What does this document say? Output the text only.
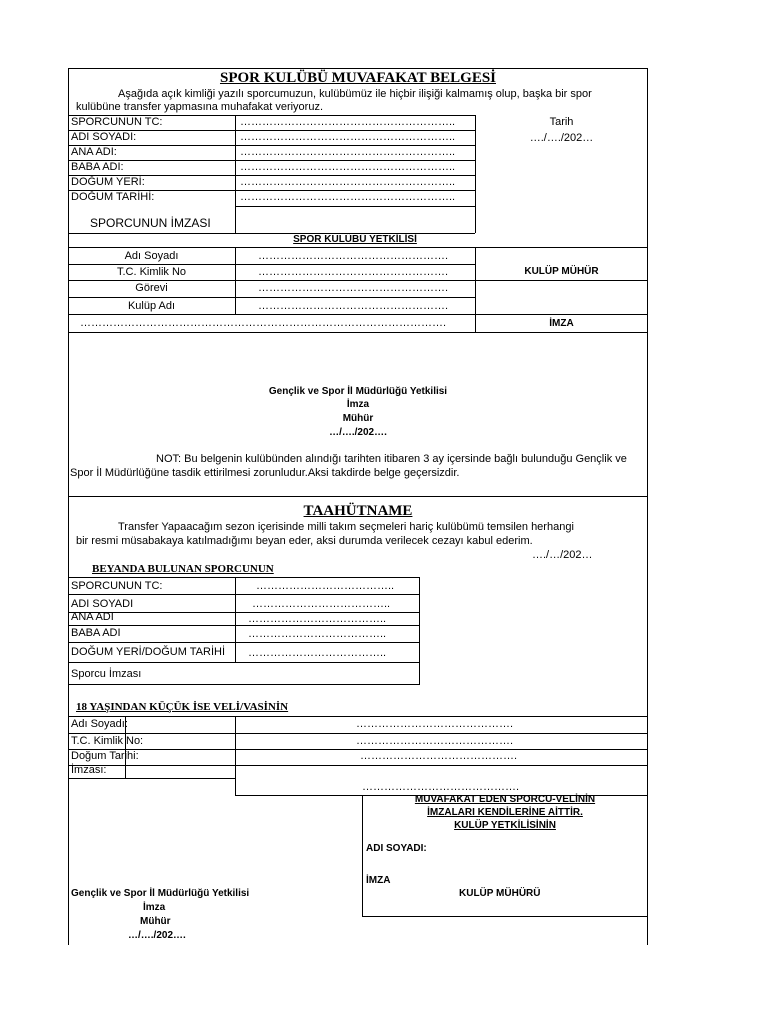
SPOR KULÜBÜ MUVAFAKAT BELGESİ
Aşağıda açık kimliği yazılı sporcumuzun, kulübümüz ile hiçbir ilişiği kalmamış olup, başka bir spor
kulübüne transfer yapmasına muhafakat veriyoruz.
SPORCUNUN TC:	…………………………………………………..
ADI SOYADI:	…………………………………………………..
ANA ADI:	…………………………………………………..
BABA ADI:	…………………………………………………..
DOĞUM YERİ:	…………………………………………………..
DOĞUM TARİHİ:	…………………………………………………..
Tarih
…./…./202…
SPORCUNUN İMZASI
SPOR KULÜBÜ YETKİLİSİ
Adı Soyadı	…………………………………………….
T.C. Kimlik No	…………………………………………….
Görevi	…………………………………………….
Kulüp Adı	…………………………………………….
……………………………………………………………………………………….
KULÜP MÜHÜR
İMZA
Gençlik ve Spor İl Müdürlüğü Yetkilisi
İmza
Mühür
…/…./202….
NOT: Bu belgenin kulübünden alındığı tarihten itibaren 3 ay içersinde bağlı bulunduğu Gençlik ve
Spor İl Müdürlüğüne tasdik ettirilmesi zorunludur.Aksi takdirde belge geçersizdir.
TAAHÜTNAME
Transfer Yapaacağım sezon içerisinde milli takım seçmeleri hariç kulübümü temsilen herhangi
bir resmi müsabakaya katılmadığımı beyan eder, aksi durumda verilecek cezayı kabul ederim.
…./…/202…
BEYANDA BULUNAN SPORCUNUN
SPORCUNUN TC:	………………………………..
ADI SOYADI	………………………………..
ANA ADI	………………………………..
BABA ADI	………………………………..
DOĞUM YERİ/DOĞUM TARİHİ ………………………………..
Sporcu İmzası
18 YAŞINDAN KÜÇÜK İSE VELİ/VASİNİN
Adı Soyadı:	…………………………………….
T.C. Kimlik No:	…………………………………….
Doğum Tarihi:	…………………………………….
İmzası:
…………………………………….
MUVAFAKAT EDEN SPORCU-VELİNİN
İMZALARI KENDİLERİNE AİTTİR.
KULÜP YETKİLİSİNİN
ADI SOYADI:
İMZA
KULÜP MÜHÜRÜ
Gençlik ve Spor İl Müdürlüğü Yetkilisi
İmza
Mühür
…/…./202….
